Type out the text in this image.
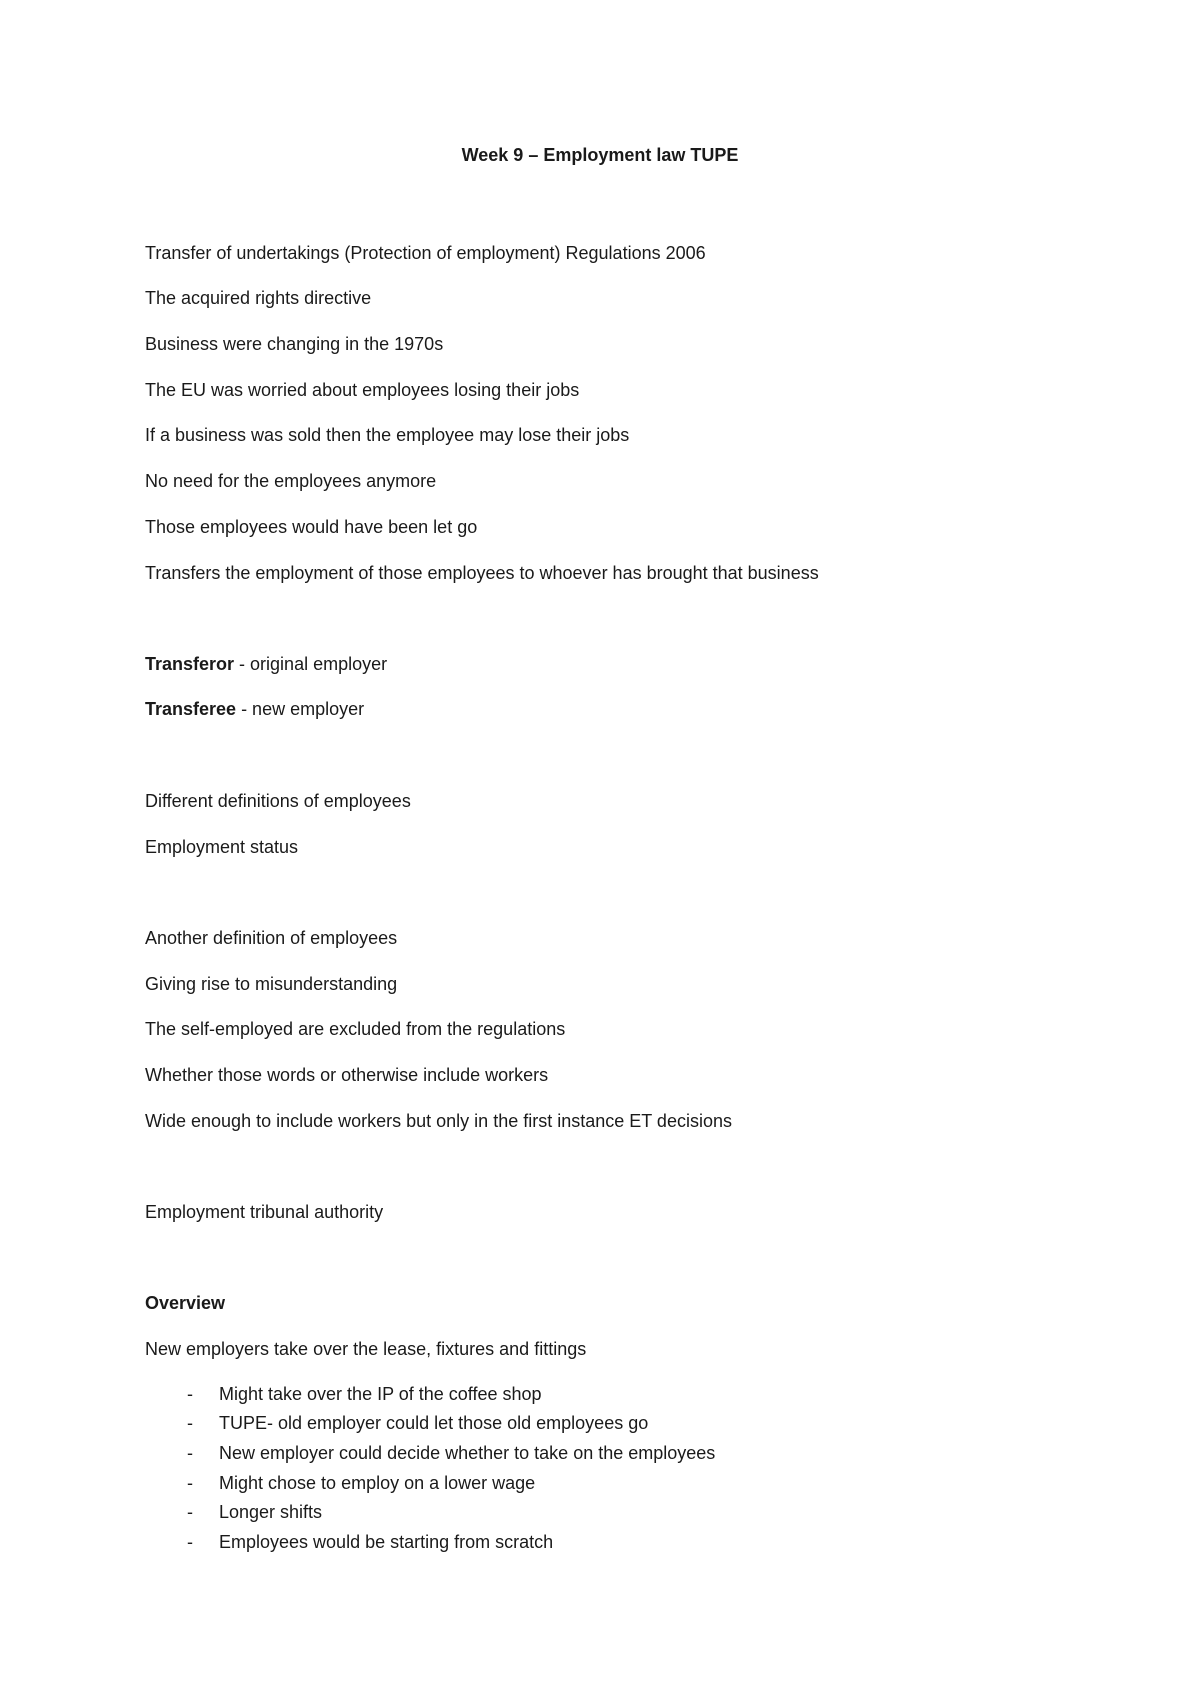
Week 9 – Employment law TUPE
Transfer of undertakings (Protection of employment) Regulations 2006
The acquired rights directive
Business were changing in the 1970s
The EU was worried about employees losing their jobs
If a business was sold then the employee may lose their jobs
No need for the employees anymore
Those employees would have been let go
Transfers the employment of those employees to whoever has brought that business
Transferor - original employer
Transferee - new employer
Different definitions of employees
Employment status
Another definition of employees
Giving rise to misunderstanding
The self-employed are excluded from the regulations
Whether those words or otherwise include workers
Wide enough to include workers but only in the first instance ET decisions
Employment tribunal authority
Overview
New employers take over the lease, fixtures and fittings
- Might take over the IP of the coffee shop
- TUPE- old employer could let those old employees go
- New employer could decide whether to take on the employees
- Might chose to employ on a lower wage
- Longer shifts
- Employees would be starting from scratch
